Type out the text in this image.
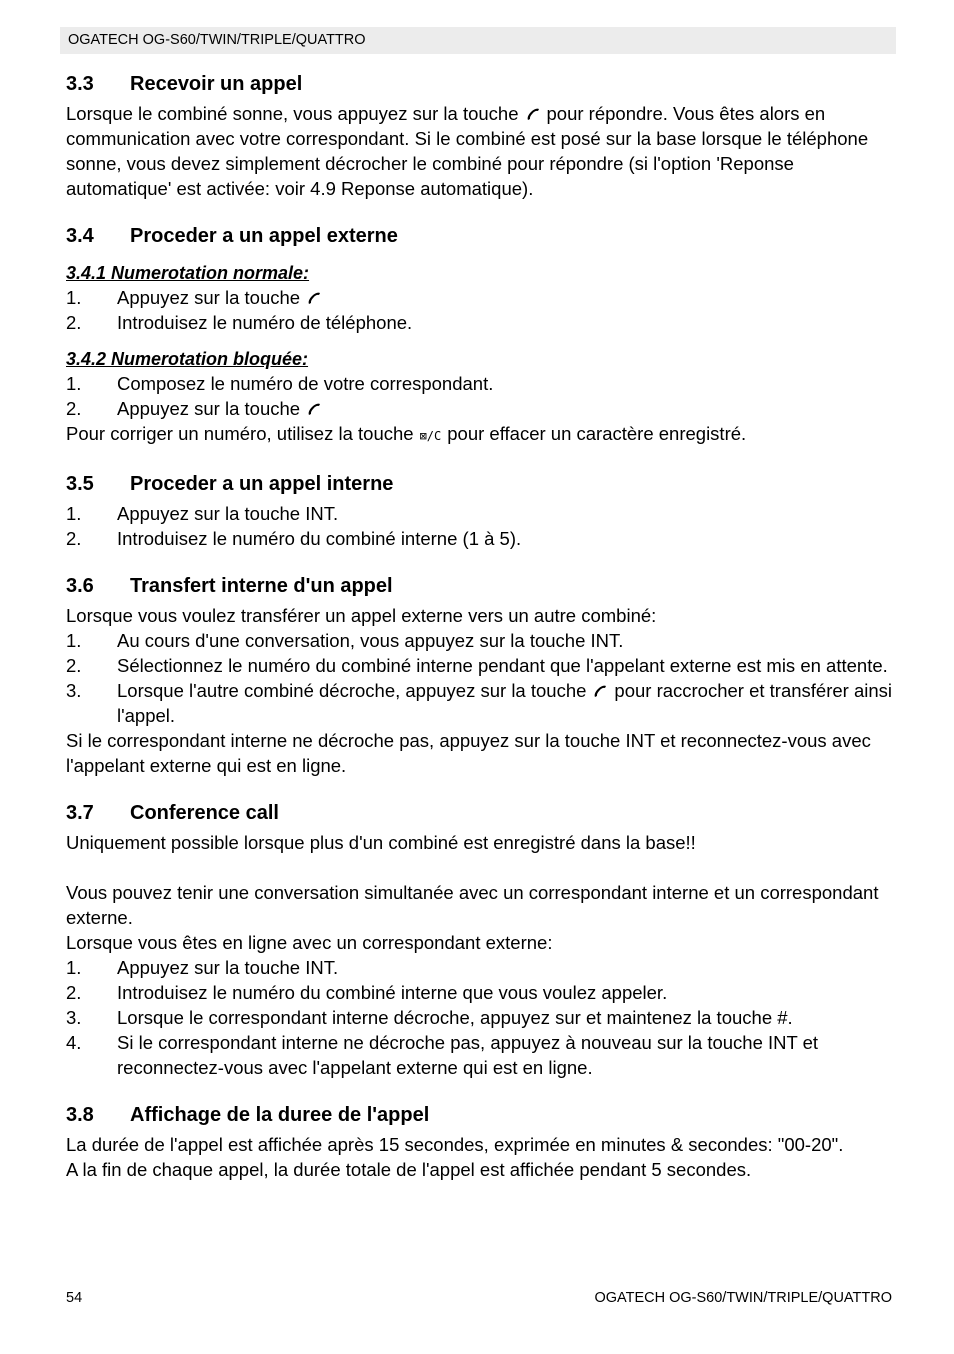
OGATECH OG-S60/TWIN/TRIPLE/QUATTRO
3.3	Recevoir un appel

Lorsque le combiné sonne, vous appuyez sur la touche pour répondre. Vous êtes alors en communication avec votre correspondant. Si le combiné est posé sur la base lorsque le téléphone sonne, vous devez simplement décrocher le combiné pour répondre (si l'option 'Reponse automatique' est activée: voir 4.9 Reponse automatique).

3.4	Proceder a un appel externe
3.4.1 Numerotation normale:
1.	Appuyez sur la touche
2.	Introduisez le numéro de téléphone.
3.4.2 Numerotation bloquée:
1.	Composez le numéro de votre correspondant.
2.	Appuyez sur la touche

Pour corriger un numéro, utilisez la touche ⊠/C pour effacer un caractère enregistré.

3.5	Proceder a un appel interne
1.	Appuyez sur la touche INT.
2.	Introduisez le numéro du combiné interne (1 à 5).
3.6	Transfert interne d'un appel

Lorsque vous voulez transférer un appel externe vers un autre combiné:

1.	Au cours d'une conversation, vous appuyez sur la touche INT.
2.	Sélectionnez le numéro du combiné interne pendant que l'appelant externe est mis en attente.
3.	Lorsque l'autre combiné décroche, appuyez sur la touche pour raccrocher et transférer ainsi l'appel.

Si le correspondant interne ne décroche pas, appuyez sur la touche INT et reconnectez-vous avec l'appelant externe qui est en ligne.

3.7	Conference call

Uniquement possible lorsque plus d'un combiné est enregistré dans la base!!

Vous pouvez tenir une conversation simultanée avec un correspondant interne et un correspondant externe.

Lorsque vous êtes en ligne avec un correspondant externe:

1.	Appuyez sur la touche INT.
2.	Introduisez le numéro du combiné interne que vous voulez appeler.
3.	Lorsque le correspondant interne décroche, appuyez sur et maintenez la touche #.
4.	Si le correspondant interne ne décroche pas, appuyez à nouveau sur la touche INT et reconnectez-vous avec l'appelant externe qui est en ligne.
3.8	Affichage de la duree de l'appel

La durée de l'appel est affichée après 15 secondes, exprimée en minutes & secondes: "00-20".

A la fin de chaque appel, la durée totale de l'appel est affichée pendant 5 secondes.

54	OGATECH OG-S60/TWIN/TRIPLE/QUATTRO
